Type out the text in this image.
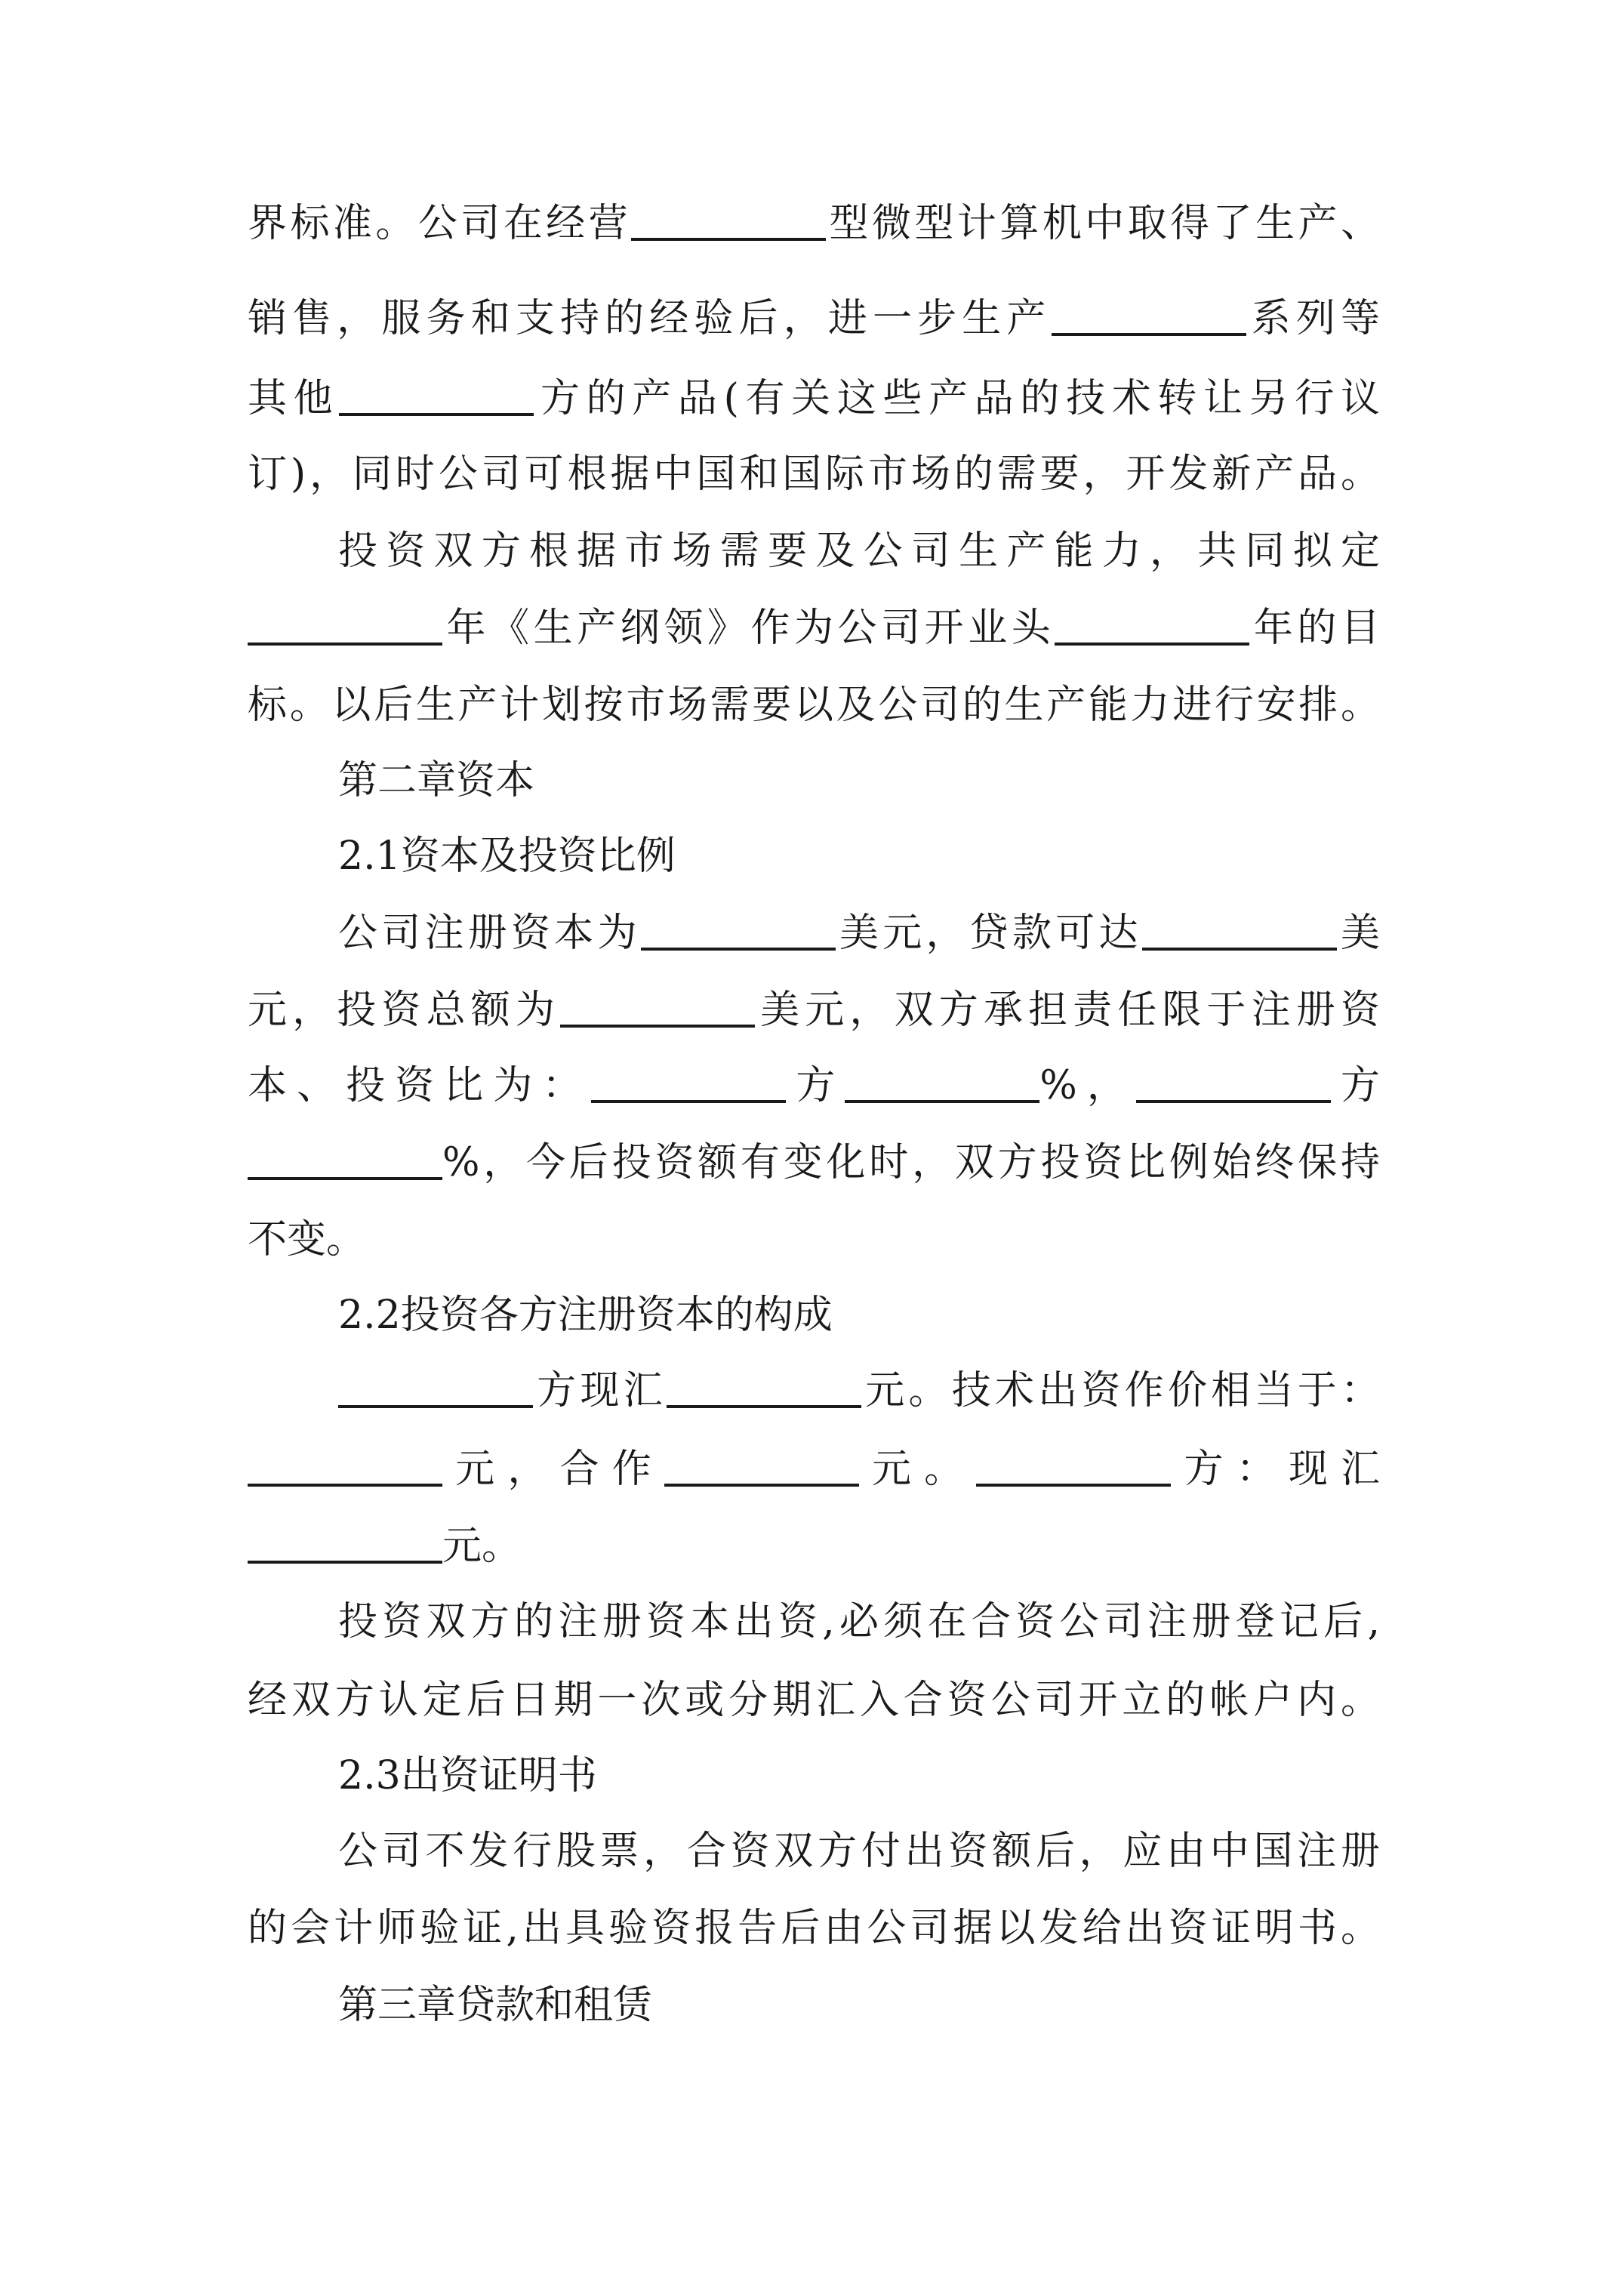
界标准。公司在经营	型微型计算机中取得了生产、
销售，服务和支持的经验后，进一步生产	系列等
其他	方的产品(有关这些产品的技术转让另行议
订)，同时公司可根据中国和国际市场的需要，开发新产品。
投资双方根据市场需要及公司生产能力，共同拟定
年《生产纲领》作为公司开业头	年的目
标。以后生产计划按市场需要以及公司的生产能力进行安排。
第二章资本
2.1资本及投资比例
公司注册资本为	美元，贷款可达	美
元，投资总额为	美元，双方承担责任限于注册资
本、投资比为：	方	%，	方
%，今后投资额有变化时，双方投资比例始终保持
不变。
2.2投资各方注册资本的构成
方现汇	元。技术出资作价相当于：
元，合作	元。	方：现汇
元。
投资双方的注册资本出资,必须在合资公司注册登记后,
经双方认定后日期一次或分期汇入合资公司开立的帐户内。
2.3出资证明书
公司不发行股票，合资双方付出资额后，应由中国注册
的会计师验证,出具验资报告后由公司据以发给出资证明书。
第三章贷款和租赁
